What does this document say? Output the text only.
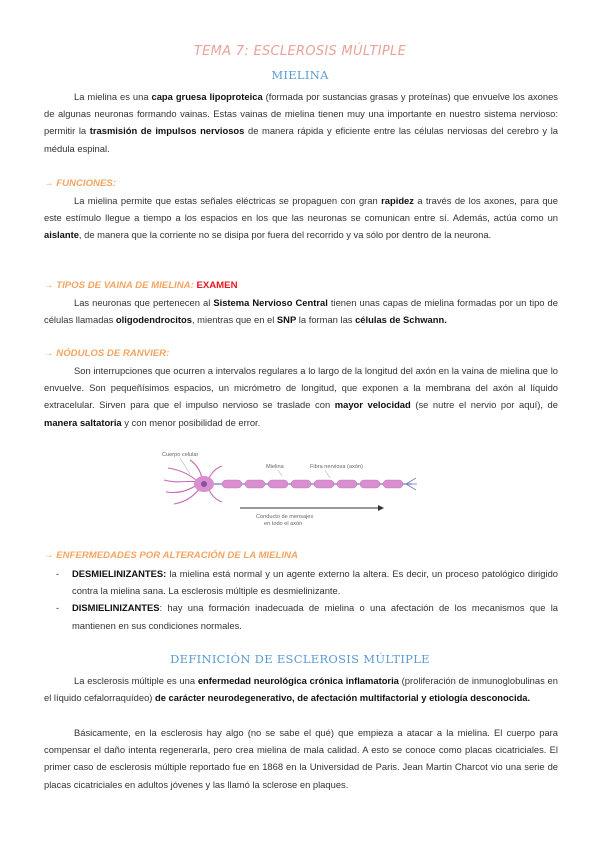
TEMA 7: ESCLEROSIS MÚLTIPLE
MIELINA
La mielina es una capa gruesa lipoproteica (formada por sustancias grasas y proteínas) que envuelve los axones de algunas neuronas formando vainas. Estas vainas de mielina tienen muy una importante en nuestro sistema nervioso: permitir la trasmisión de impulsos nerviosos de manera rápida y eficiente entre las células nerviosas del cerebro y la médula espinal.
→ FUNCIONES:
La mielina permite que estas señales eléctricas se propaguen con gran rapidez a través de los axones, para que este estímulo llegue a tiempo a los espacios en los que las neuronas se comunican entre sí. Además, actúa como un aislante, de manera que la corriente no se disipa por fuera del recorrido y va sólo por dentro de la neurona.
→ TIPOS DE VAINA DE MIELINA: EXAMEN
Las neuronas que pertenecen al Sistema Nervioso Central tienen unas capas de mielina formadas por un tipo de células llamadas oligodendrocitos, mientras que en el SNP la forman las células de Schwann.
→ NÓDULOS DE RANVIER:
Son interrupciones que ocurren a intervalos regulares a lo largo de la longitud del axón en la vaina de mielina que lo envuelve. Son pequeñísimos espacios, un micrómetro de longitud, que exponen a la membrana del axón al líquido extracelular. Sirven para que el impulso nervioso se traslade con mayor velocidad (se nutre el nervio por aquí), de manera saltatoria y con menor posibilidad de error.
Cuerpo celular
Mielina	Fibra nerviosa (axón)
Conducto de mensajes
en todo el axón
→ ENFERMEDADES POR ALTERACIÓN DE LA MIELINA
- DESMIELINIZANTES: la mielina está normal y un agente externo la altera. Es decir, un proceso patológico dirigido contra la mielina sana. La esclerosis múltiple es desmielinizante.
- DISMIELINIZANTES: hay una formación inadecuada de mielina o una afectación de los mecanismos que la mantienen en sus condiciones normales.
DEFINICIÓN DE ESCLEROSIS MÚLTIPLE
La esclerosis múltiple es una enfermedad neurológica crónica inflamatoria (proliferación de inmunoglobulinas en el líquido cefalorraquídeo) de carácter neurodegenerativo, de afectación multifactorial y etiología desconocida.
Básicamente, en la esclerosis hay algo (no se sabe el qué) que empieza a atacar a la mielina. El cuerpo para compensar el daño intenta regenerarla, pero crea mielina de mala calidad. A esto se conoce como placas cicatriciales. El primer caso de esclerosis múltiple reportado fue en 1868 en la Universidad de Paris. Jean Martin Charcot vio una serie de placas cicatriciales en adultos jóvenes y las llamó la sclerose en plaques.
